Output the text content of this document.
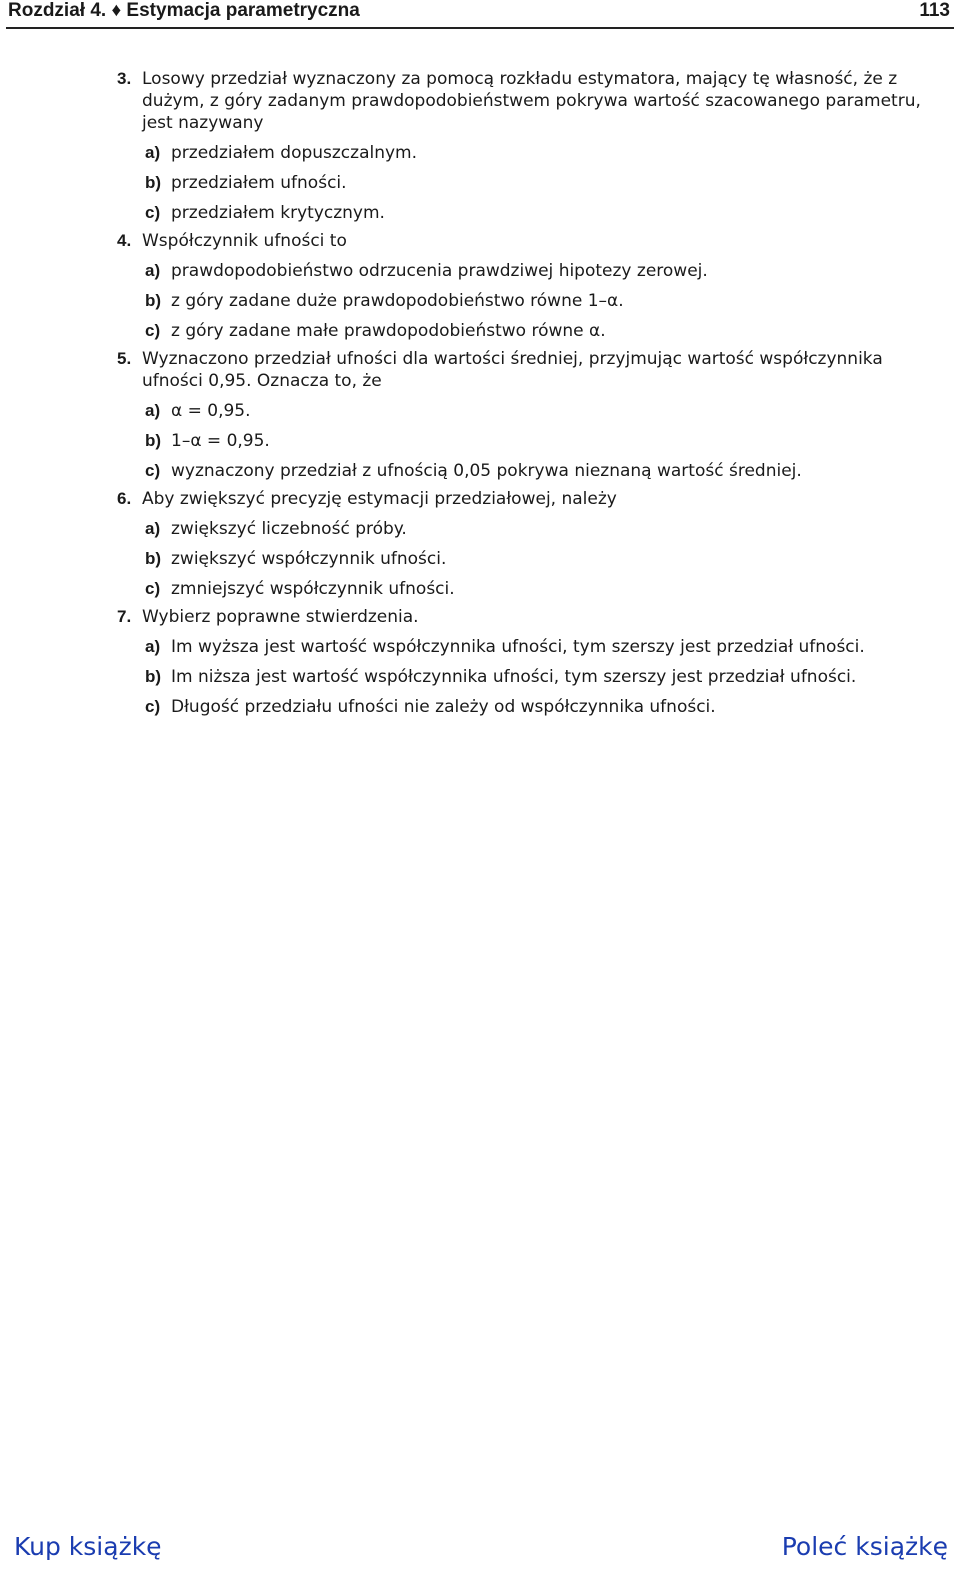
Rozdział 4. ♦ Estymacja parametryczna	113
3. Losowy przedział wyznaczony za pomocą rozkładu estymatora, mający tę własność, że z dużym, z góry zadanym prawdopodobieństwem pokrywa wartość szacowanego parametru, jest nazywany
a) przedziałem dopuszczalnym.
b) przedziałem ufności.
c) przedziałem krytycznym.
4. Współczynnik ufności to
a) prawdopodobieństwo odrzucenia prawdziwej hipotezy zerowej.
b) z góry zadane duże prawdopodobieństwo równe 1–α.
c) z góry zadane małe prawdopodobieństwo równe α.
5. Wyznaczono przedział ufności dla wartości średniej, przyjmując wartość współczynnika ufności 0,95. Oznacza to, że
a) α = 0,95.
b) 1–α = 0,95.
c) wyznaczony przedział z ufnością 0,05 pokrywa nieznaną wartość średniej.
6. Aby zwiększyć precyzję estymacji przedziałowej, należy
a) zwiększyć liczebność próby.
b) zwiększyć współczynnik ufności.
c) zmniejszyć współczynnik ufności.
7. Wybierz poprawne stwierdzenia.
a) Im wyższa jest wartość współczynnika ufności, tym szerszy jest przedział ufności.
b) Im niższa jest wartość współczynnika ufności, tym szerszy jest przedział ufności.
c) Długość przedziału ufności nie zależy od współczynnika ufności.
Kup książkę	Poleć książkę
